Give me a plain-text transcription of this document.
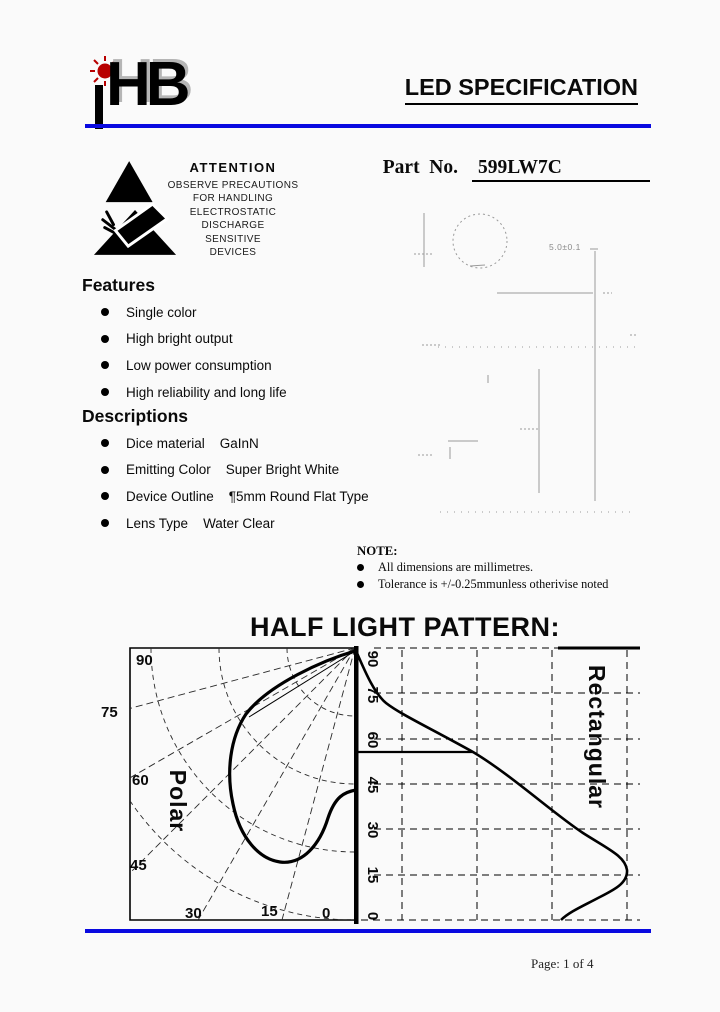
HB	LED SPECIFICATION

Part  No. 599LW7C

ATTENTION
OBSERVE PRECAUTIONS
FOR HANDLING
ELECTROSTATIC
DISCHARGE
SENSITIVE
DEVICES
Features
Single color
High bright output
Low power consumption
High reliability and long life
Descriptions
Dice material GaInN
Emitting Color Super Bright White
Device Outline ¶5mm Round Flat Type
Lens Type Water Clear
5.0±0.1
NOTE:
All dimensions are millimetres.
Tolerance is +/-0.25mmunless otherivise noted
HALF LIGHT PATTERN:
90
75
60
45
30	15	0
90
75
60
45
30
15
0
Polar	Rectangular
Page: 1 of 4
